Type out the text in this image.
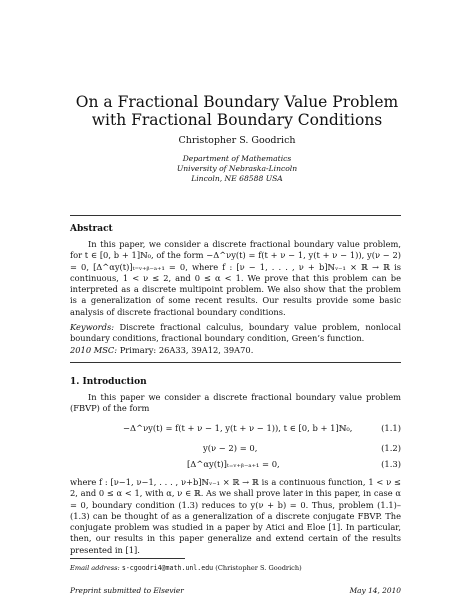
On a Fractional Boundary Value Problem
with Fractional Boundary Conditions
Christopher S. Goodrich
Department of Mathematics
University of Nebraska-Lincoln
Lincoln, NE 68588 USA
Abstract

In this paper, we consider a discrete fractional boundary value problem, for t ∈ [0, b + 1]ℕ₀, of the form −Δ^νy(t) = f(t + ν − 1, y(t + ν − 1)), y(ν − 2) = 0, [Δ^αy(t)]ₜ₌ᵥ₊ᵦ₋ₐ₊₁ = 0, where f : [ν − 1, . . . , ν + b]ℕᵥ₋₁ × ℝ → ℝ is continuous, 1 < ν ≤ 2, and 0 ≤ α < 1. We prove that this problem can be interpreted as a discrete multipoint problem. We also show that the problem is a generalization of some recent results. Our results provide some basic analysis of discrete fractional boundary conditions.

Keywords: Discrete fractional calculus, boundary value problem, nonlocal boundary conditions, fractional boundary condition, Green’s function.

2010 MSC: Primary: 26A33, 39A12, 39A70.

1. Introduction

In this paper we consider a discrete fractional boundary value problem (FBVP) of the form

−Δ^νy(t) = f(t + ν − 1, y(t + ν − 1)), t ∈ [0, b + 1]ℕ₀,	(1.1)
y(ν − 2) = 0,	(1.2)
[Δ^αy(t)]ₜ₌ᵥ₊ᵦ₋ₐ₊₁ = 0,	(1.3)

where f : [ν−1, ν−1, . . . , ν+b]ℕᵥ₋₁ × ℝ → ℝ is a continuous function, 1 < ν ≤ 2, and 0 ≤ α < 1, with α, ν ∈ ℝ. As we shall prove later in this paper, in case α = 0, boundary condition (1.3) reduces to y(ν + b) = 0. Thus, problem (1.1)–(1.3) can be thought of as a generalization of a discrete conjugate FBVP. The conjugate problem was studied in a paper by Atici and Eloe [1]. In particular, then, our results in this paper generalize and extend certain of the results presented in [1].

Email address: s-cgoodri4@math.unl.edu (Christopher S. Goodrich)
Preprint submitted to Elsevier	May 14, 2010
